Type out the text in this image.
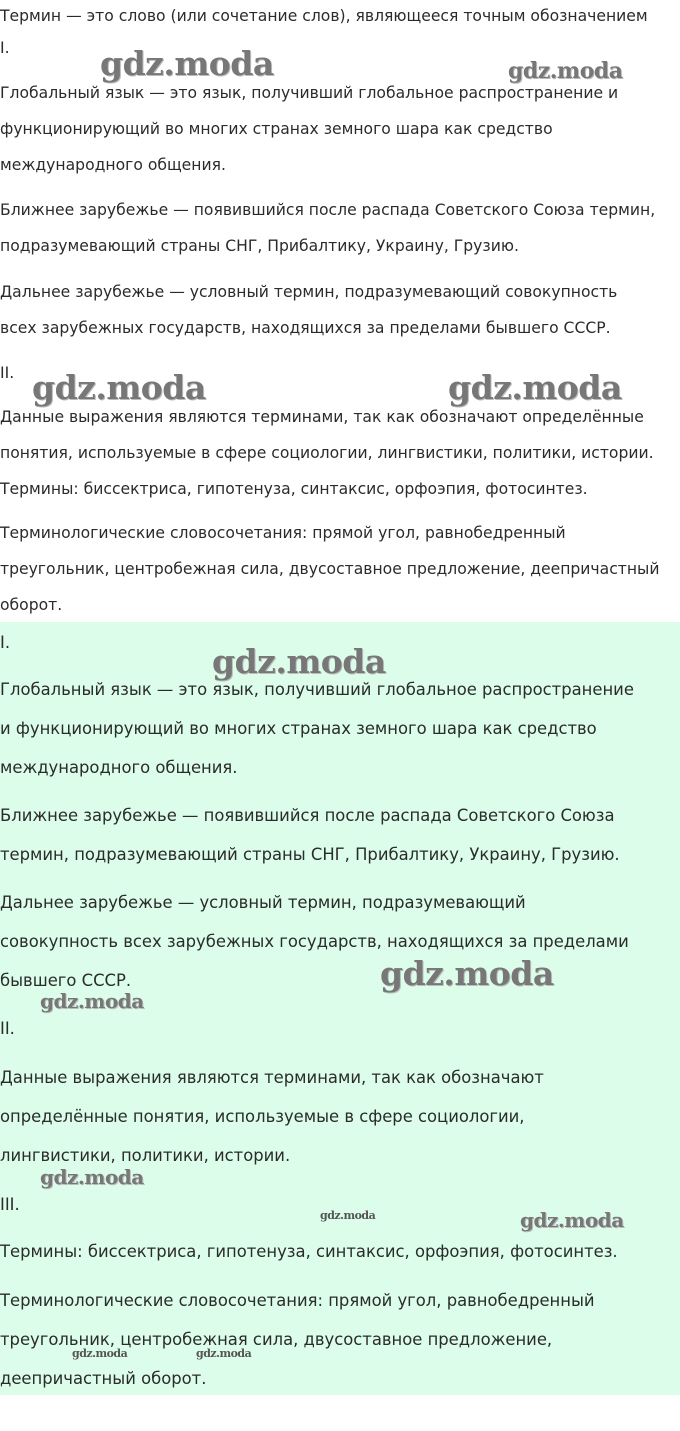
Термин — это слово (или сочетание слов), являющееся точным обозначением
I.
Глобальный язык — это язык, получивший глобальное распространение и
функционирующий во многих странах земного шара как средство
международного общения.
Ближнее зарубежье — появившийся после распада Советского Союза термин,
подразумевающий страны СНГ, Прибалтику, Украину, Грузию.
Дальнее зарубежье — условный термин, подразумевающий совокупность
всех зарубежных государств, находящихся за пределами бывшего СССР.
II.
Данные выражения являются терминами, так как обозначают определённые
понятия, используемые в сфере социологии, лингвистики, политики, истории.
Термины: биссектриса, гипотенуза, синтаксис, орфоэпия, фотосинтез.
Терминологические словосочетания: прямой угол, равнобедренный
треугольник, центробежная сила, двусоставное предложение, деепричастный
оборот.
gdz.moda	gdz.moda
gdz.moda	gdz.moda
I.
Глобальный язык — это язык, получивший глобальное распространение
и функционирующий во многих странах земного шара как средство
международного общения.
Ближнее зарубежье — появившийся после распада Советского Союза
термин, подразумевающий страны СНГ, Прибалтику, Украину, Грузию.
Дальнее зарубежье — условный термин, подразумевающий
совокупность всех зарубежных государств, находящихся за пределами
бывшего СССР.
II.
Данные выражения являются терминами, так как обозначают
определённые понятия, используемые в сфере социологии,
лингвистики, политики, истории.
III.
Термины: биссектриса, гипотенуза, синтаксис, орфоэпия, фотосинтез.
Терминологические словосочетания: прямой угол, равнобедренный
треугольник, центробежная сила, двусоставное предложение,
деепричастный оборот.
gdz.moda
gdz.moda
gdz.moda
gdz.moda
gdz.moda
gdz.moda
gdz.moda	gdz.moda
